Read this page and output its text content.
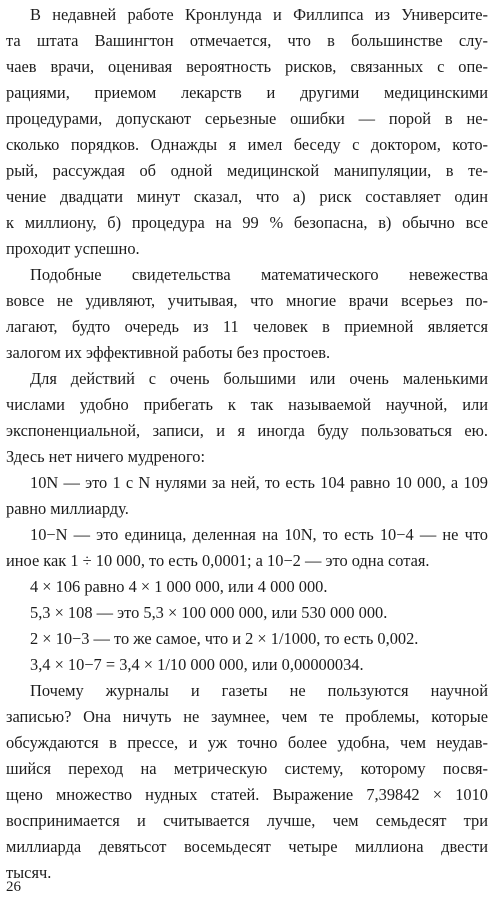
В недавней работе Кронлунда и Филлипса из Университе-
та штата Вашингтон отмечается, что в большинстве слу-
чаев врачи, оценивая вероятность рисков, связанных с опе-
рациями, приемом лекарств и другими медицинскими
процедурами, допускают серьезные ошибки — порой в не-
сколько порядков. Однажды я имел беседу с доктором, кото-
рый, рассуждая об одной медицинской манипуляции, в те-
чение двадцати минут сказал, что а) риск составляет один
к миллиону, б) процедура на 99 % безопасна, в) обычно все
проходит успешно.
Подобные свидетельства математического невежества
вовсе не удивляют, учитывая, что многие врачи всерьез по-
лагают, будто очередь из 11 человек в приемной является
залогом их эффективной работы без простоев.
Для действий с очень большими или очень маленькими
числами удобно прибегать к так называемой научной, или
экспоненциальной, записи, и я иногда буду пользоваться ею.
Здесь нет ничего мудреного:
10N — это 1 с N нулями за ней, то есть 104 равно 10 000, а 109
равно миллиарду.
10−N — это единица, деленная на 10N, то есть 10−4 — не что
иное как 1 ÷ 10 000, то есть 0,0001; а 10−2 — это одна сотая.
4 × 106 равно 4 × 1 000 000, или 4 000 000.
5,3 × 108 — это 5,3 × 100 000 000, или 530 000 000.
2 × 10−3 — то же самое, что и 2 × 1/1000, то есть 0,002.
3,4 × 10−7 = 3,4 × 1/10 000 000, или 0,00000034.
Почему журналы и газеты не пользуются научной
записью? Она ничуть не заумнее, чем те проблемы, которые
обсуждаются в прессе, и уж точно более удобна, чем неудав-
шийся переход на метрическую систему, которому посвя-
щено множество нудных статей. Выражение 7,39842 × 1010
воспринимается и считывается лучше, чем семьдесят три
миллиарда девятьсот восемьдесят четыре миллиона двести
тысяч.
26
